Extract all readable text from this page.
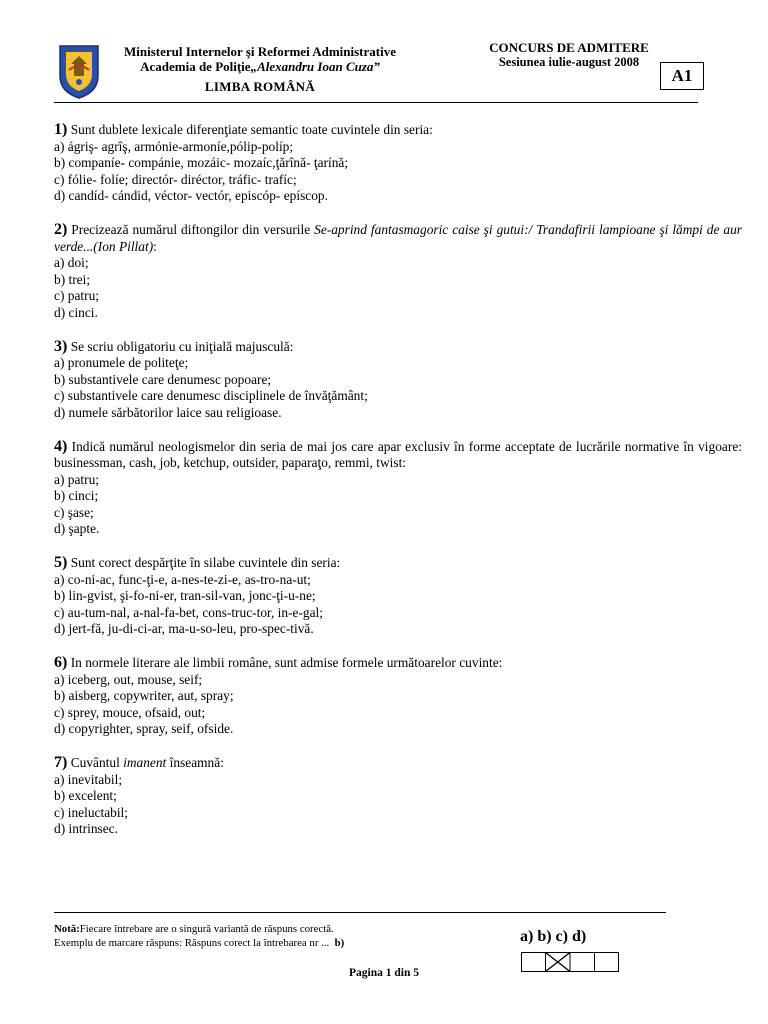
Ministerul Internelor şi Reformei Administrative
Academia de Poliţie„Alexandru Ioan Cuza”
LIMBA ROMÂNĂ
CONCURS DE ADMITERE
Sesiunea iulie-august 2008
A1

1) Sunt dublete lexicale diferenţiate semantic toate cuvintele din seria:

a) ágriş- agrîş, armónie-armoníe,pólip-políp;

b) companíe- compánie, mozáic- mozaíc,ţărînă- ţarínă;

c) fólie- folíe; directór- diréctor, tráfic- trafíc;

d) candíd- cándid, véctor- vectór, episcóp- epíscop.

2) Precizează numărul diftongilor din versurile Se-aprind fantasmagoric caise şi gutui:/ Trandafirii lampioane şi lămpi de aur verde...(Ion Pillat):

a) doi;

b) trei;

c) patru;

d) cinci.

3) Se scriu obligatoriu cu iniţială majusculă:

a) pronumele de politeţe;

b) substantivele care denumesc popoare;

c) substantivele care denumesc disciplinele de învăţământ;

d) numele sărbătorilor laice sau religioase.

4) Indică numărul neologismelor din seria de mai jos care apar exclusiv în forme acceptate de lucrările normative în vigoare: businessman, cash, job, ketchup, outsider, paparaţo, remmi, twist:

a) patru;

b) cinci;

c) şase;

d) şapte.

5) Sunt corect despărţite în silabe cuvintele din seria:

a) co-ni-ac, func-ţi-e, a-nes-te-zi-e, as-tro-na-ut;

b) lin-gvist, şi-fo-ni-er, tran-sil-van, jonc-ţi-u-ne;

c) au-tum-nal, a-nal-fa-bet, cons-truc-tor, in-e-gal;

d) jert-fă, ju-di-ci-ar, ma-u-so-leu, pro-spec-tivă.

6) In normele literare ale limbii române, sunt admise formele următoarelor cuvinte:

a) iceberg, out, mouse, seif;

b) aisberg, copywriter, aut, spray;

c) sprey, mouce, ofsaid, out;

d) copyrighter, spray, seif, ofside.

7) Cuvântul imanent înseamnă:

a) inevitabil;

b) excelent;

c) ineluctabil;

d) intrinsec.

Notă:Fiecare întrebare are o singură variantă de răspuns corectă.
Exemplu de marcare răspuns: Răspuns corect la întrebarea nr ... b)	a) b) c) d)
Pagina 1 din 5
